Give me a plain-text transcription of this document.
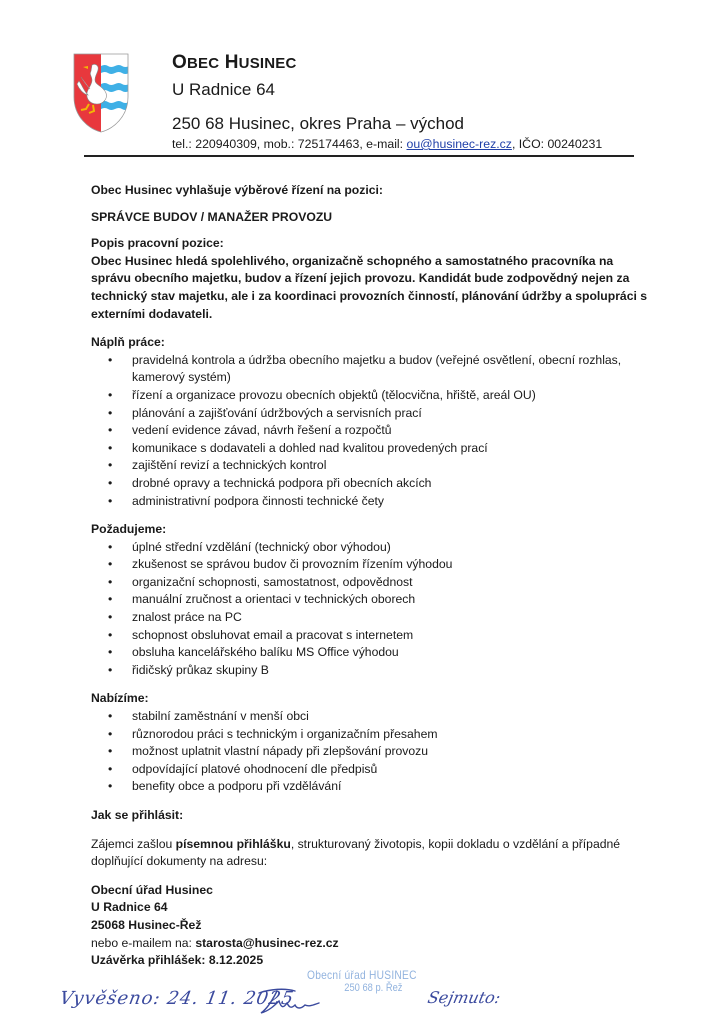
OBEC HUSINEC
U Radnice 64
250 68 Husinec, okres Praha – východ
tel.: 220940309, mob.: 725174463, e-mail: ou@husinec-rez.cz, IČO: 00240231

Obec Husinec vyhlašuje výběrové řízení na pozici:

SPRÁVCE BUDOV / MANAŽER PROVOZU

Popis pracovní pozice:

Obec Husinec hledá spolehlivého, organizačně schopného a samostatného pracovníka na správu obecního majetku, budov a řízení jejich provozu. Kandidát bude zodpovědný nejen za technický stav majetku, ale i za koordinaci provozních činností, plánování údržby a spolupráci s externími dodavateli.

Náplň práce:

• pravidelná kontrola a údržba obecního majetku a budov (veřejné osvětlení, obecní rozhlas, kamerový systém)
• řízení a organizace provozu obecních objektů (tělocvična, hřiště, areál OU)
• plánování a zajišťování údržbových a servisních prací
• vedení evidence závad, návrh řešení a rozpočtů
• komunikace s dodavateli a dohled nad kvalitou provedených prací
• zajištění revizí a technických kontrol
• drobné opravy a technická podpora při obecních akcích
• administrativní podpora činnosti technické čety

Požadujeme:

• úplné střední vzdělání (technický obor výhodou)
• zkušenost se správou budov či provozním řízením výhodou
• organizační schopnosti, samostatnost, odpovědnost
• manuální zručnost a orientaci v technických oborech
• znalost práce na PC
• schopnost obsluhovat email a pracovat s internetem
• obsluha kancelářského balíku MS Office výhodou
• řidičský průkaz skupiny B

Nabízíme:

• stabilní zaměstnání v menší obci
• různorodou práci s technickým i organizačním přesahem
• možnost uplatnit vlastní nápady při zlepšování provozu
• odpovídající platové ohodnocení dle předpisů
• benefity obce a podporu při vzdělávání

Jak se přihlásit:

Zájemci zašlou písemnou přihlášku, strukturovaný životopis, kopii dokladu o vzdělání a případné doplňující dokumenty na adresu:

Obecní úřad Husinec

U Radnice 64

25068 Husinec-Řež

nebo e-mailem na: starosta@husinec-rez.cz

Uzávěrka přihlášek: 8.12.2025

Obecní úřad HUSINEC
250 68 p. Řež
Vyvěšeno: 24. 11. 2025	Sejmuto:
